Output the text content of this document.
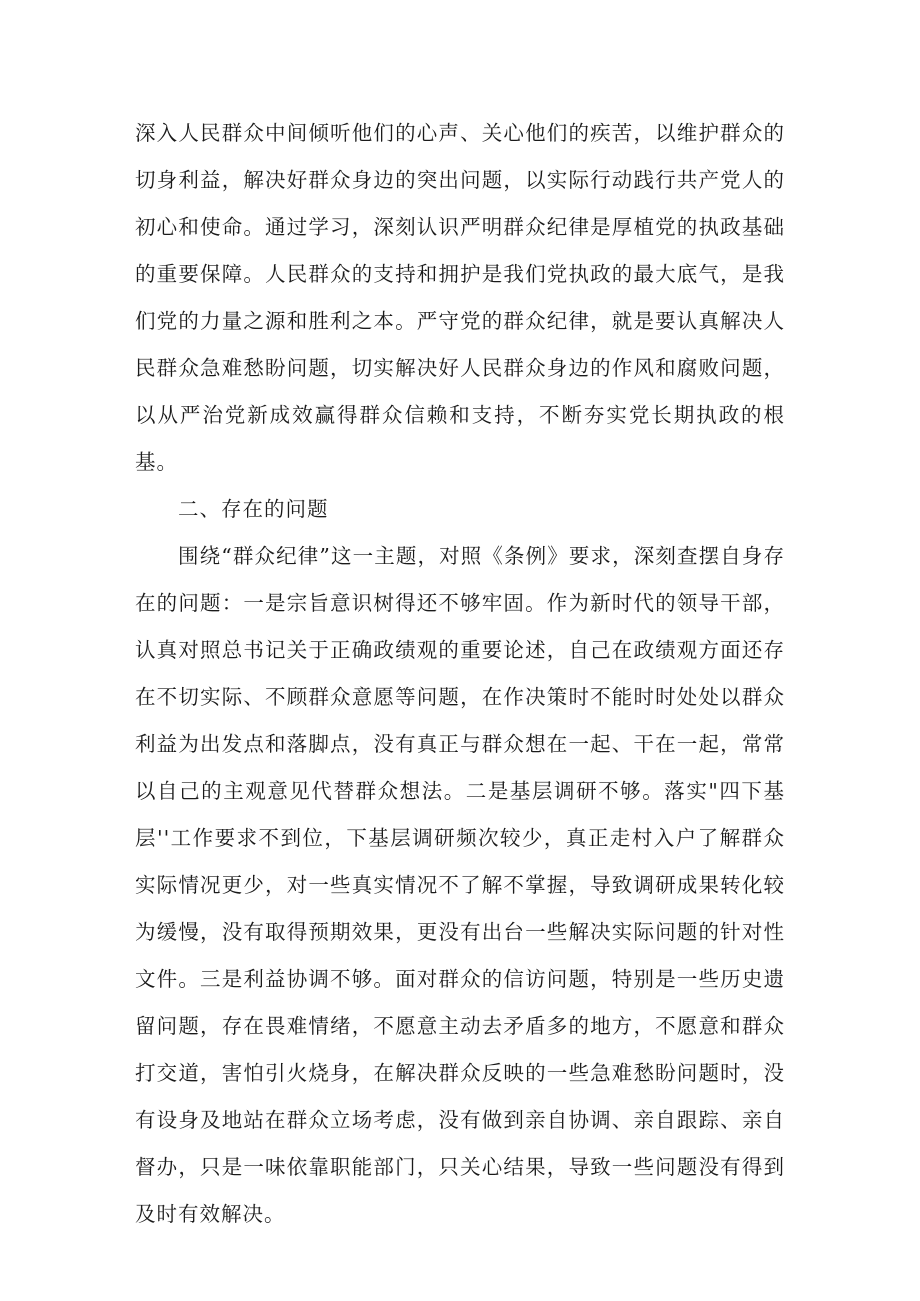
深入人民群众中间倾听他们的心声、关心他们的疾苦，以维护群众的切身利益，解决好群众身边的突出问题，以实际行动践行共产党人的初心和使命。通过学习，深刻认识严明群众纪律是厚植党的执政基础的重要保障。人民群众的支持和拥护是我们党执政的最大底气，是我们党的力量之源和胜利之本。严守党的群众纪律，就是要认真解决人民群众急难愁盼问题，切实解决好人民群众身边的作风和腐败问题，以从严治党新成效赢得群众信赖和支持，不断夯实党长期执政的根基。

二、存在的问题

围绕“群众纪律”这一主题，对照《条例》要求，深刻查摆自身存在的问题：一是宗旨意识树得还不够牢固。作为新时代的领导干部，认真对照总书记关于正确政绩观的重要论述，自己在政绩观方面还存在不切实际、不顾群众意愿等问题，在作决策时不能时时处处以群众利益为出发点和落脚点，没有真正与群众想在一起、干在一起，常常以自己的主观意见代替群众想法。二是基层调研不够。落实"四下基层''工作要求不到位，下基层调研频次较少，真正走村入户了解群众实际情况更少，对一些真实情况不了解不掌握，导致调研成果转化较为缓慢，没有取得预期效果，更没有出台一些解决实际问题的针对性文件。三是利益协调不够。面对群众的信访问题，特别是一些历史遗留问题，存在畏难情绪，不愿意主动去矛盾多的地方，不愿意和群众打交道，害怕引火烧身，在解决群众反映的一些急难愁盼问题时，没有设身及地站在群众立场考虑，没有做到亲自协调、亲自跟踪、亲自督办，只是一味依靠职能部门，只关心结果，导致一些问题没有得到及时有效解决。
